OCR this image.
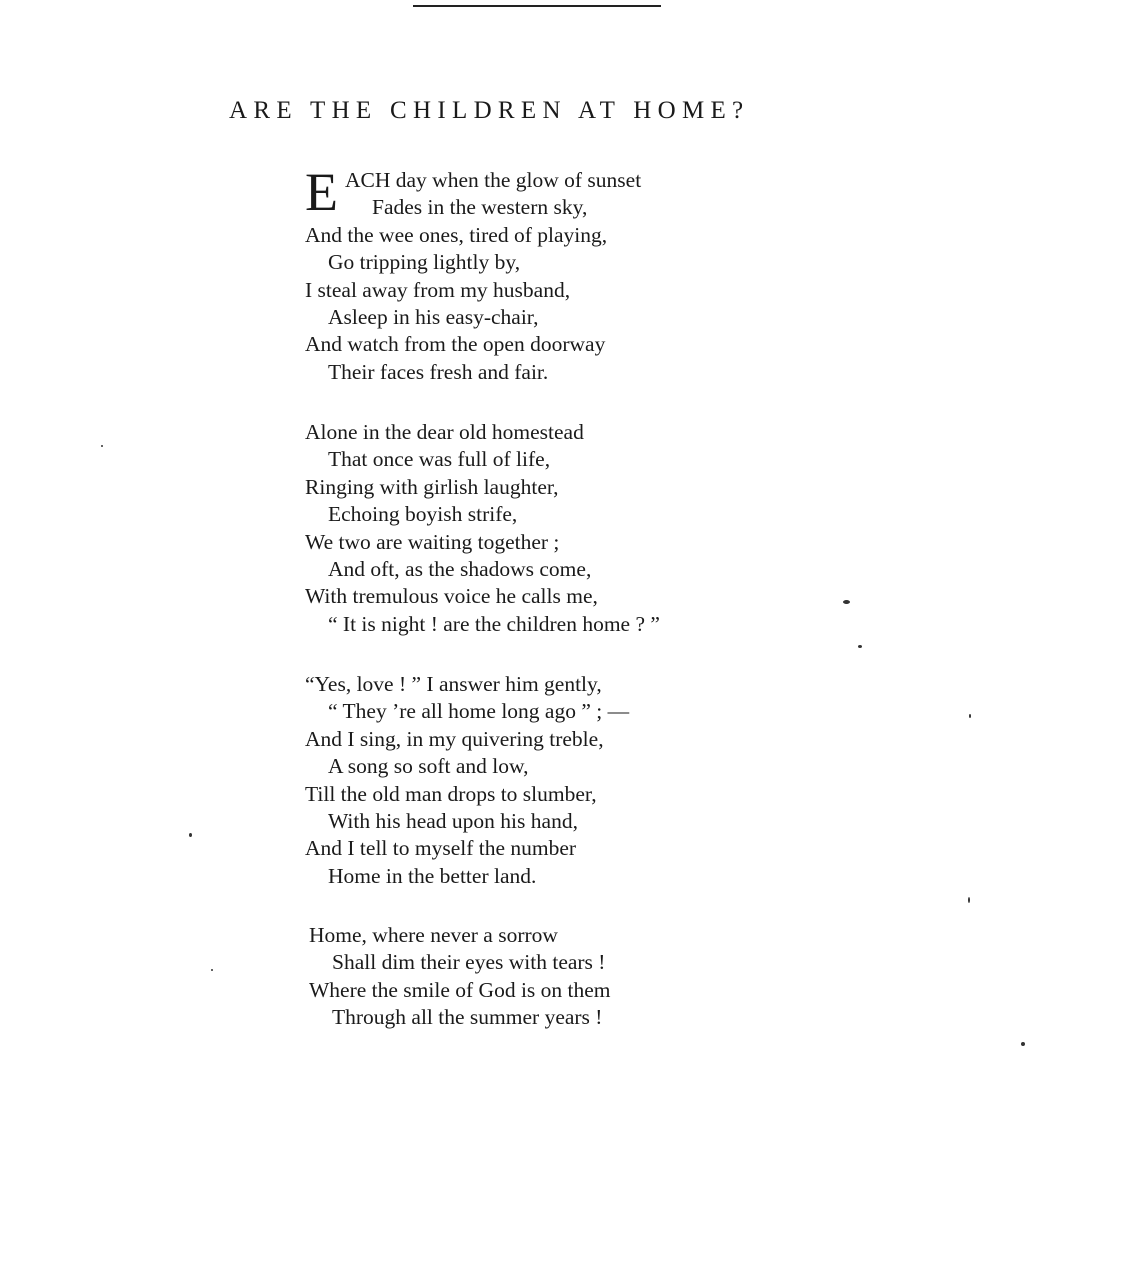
ARE THE CHILDREN AT HOME?
E ACH day when the glow of sunset
Fades in the western sky,
And the wee ones, tired of playing,
Go tripping lightly by,
I steal away from my husband,
Asleep in his easy-chair,
And watch from the open doorway
Their faces fresh and fair.
Alone in the dear old homestead
That once was full of life,
Ringing with girlish laughter,
Echoing boyish strife,
We two are waiting together ;
And oft, as the shadows come,
With tremulous voice he calls me,
“ It is night ! are the children home ? ”
“Yes, love ! ” I answer him gently,
“ They ’re all home long ago ” ; —
And I sing, in my quivering treble,
A song so soft and low,
Till the old man drops to slumber,
With his head upon his hand,
And I tell to myself the number
Home in the better land.
Home, where never a sorrow
Shall dim their eyes with tears !
Where the smile of God is on them
Through all the summer years !
